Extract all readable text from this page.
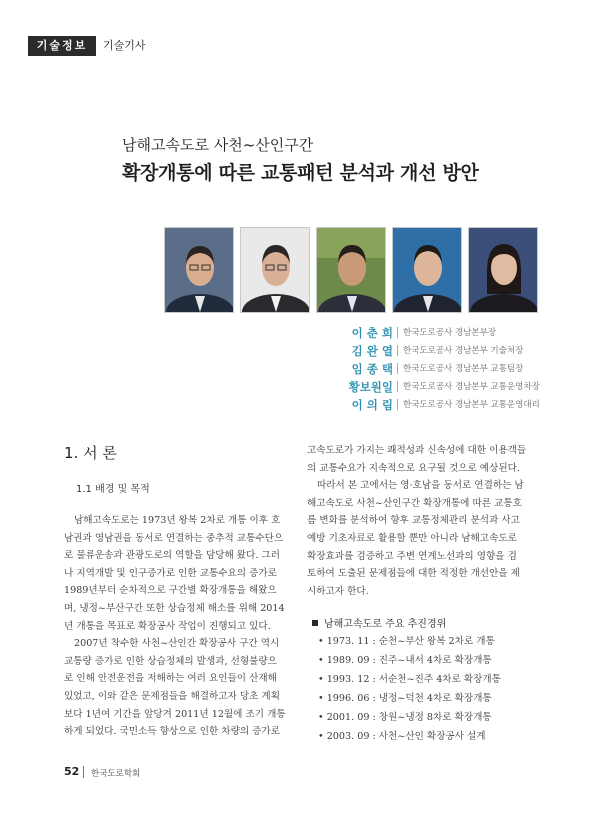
기술정보	기술기사
남해고속도로 사천~산인구간
확장개통에 따른 교통패턴 분석과 개선 방안
이 춘 희 한국도로공사 경남본부장
김 완 열 한국도로공사 경남본부 기술처장
임 종 택 한국도로공사 경남본부 교통팀장
황보원일 한국도로공사 경남본부 교통운영차장
이 의 림 한국도로공사 경남본부 교통운영대리
1. 서 론
1.1 배경 및 목적
남해고속도로는 1973년 왕복 2차로 개통 이후 호
남권과 영남권을 동서로 연결하는 중추적 교통수단으
로 물류운송과 관광도로의 역할을 담당해 왔다. 그러
나 지역개발 및 인구증가로 인한 교통수요의 증가로
1989년부터 순차적으로 구간별 확장개통을 해왔으
며, 냉정~부산구간 또한 상습정체 해소를 위해 2014
년 개통을 목표로 확장공사 작업이 진행되고 있다.
2007년 착수한 사천~산인간 확장공사 구간 역시
교통량 증가로 인한 상습정체의 발생과, 선형불량으
로 인해 안전운전을 저해하는 여러 요인들이 산재해
있었고, 이와 같은 문제점들을 해결하고자 당초 계획
보다 1년여 기간을 앞당겨 2011년 12월에 조기 개통
하게 되었다. 국민소득 향상으로 인한 차량의 증가로
고속도로가 가지는 쾌적성과 신속성에 대한 이용객들
의 교통수요가 지속적으로 요구될 것으로 예상된다.
따라서 본 고에서는 영·호남을 동서로 연결하는 남
해고속도로 사천~산인구간 확장개통에 따른 교통호
름 변화를 분석하여 향후 교통정체관리 분석과 사고
예방 기초자료로 활용할 뿐만 아니라 남해고속도로
확장효과를 검증하고 주변 연계노선과의 영향을 검
토하여 도출된 문제점들에 대한 적정한 개선안을 제
시하고자 한다.
남해고속도로 주요 추진경위
• 1973. 11 : 순천~부산 왕복 2차로 개통
• 1989. 09 : 진주~내서 4차로 확장개통
• 1993. 12 : 서순천~진주 4차로 확장개통
• 1996. 06 : 냉정~덕천 4차로 확장개통
• 2001. 09 : 창원~냉정 8차로 확장개통
• 2003. 09 : 사천~산인 확장공사 설계
52 한국도로학회
